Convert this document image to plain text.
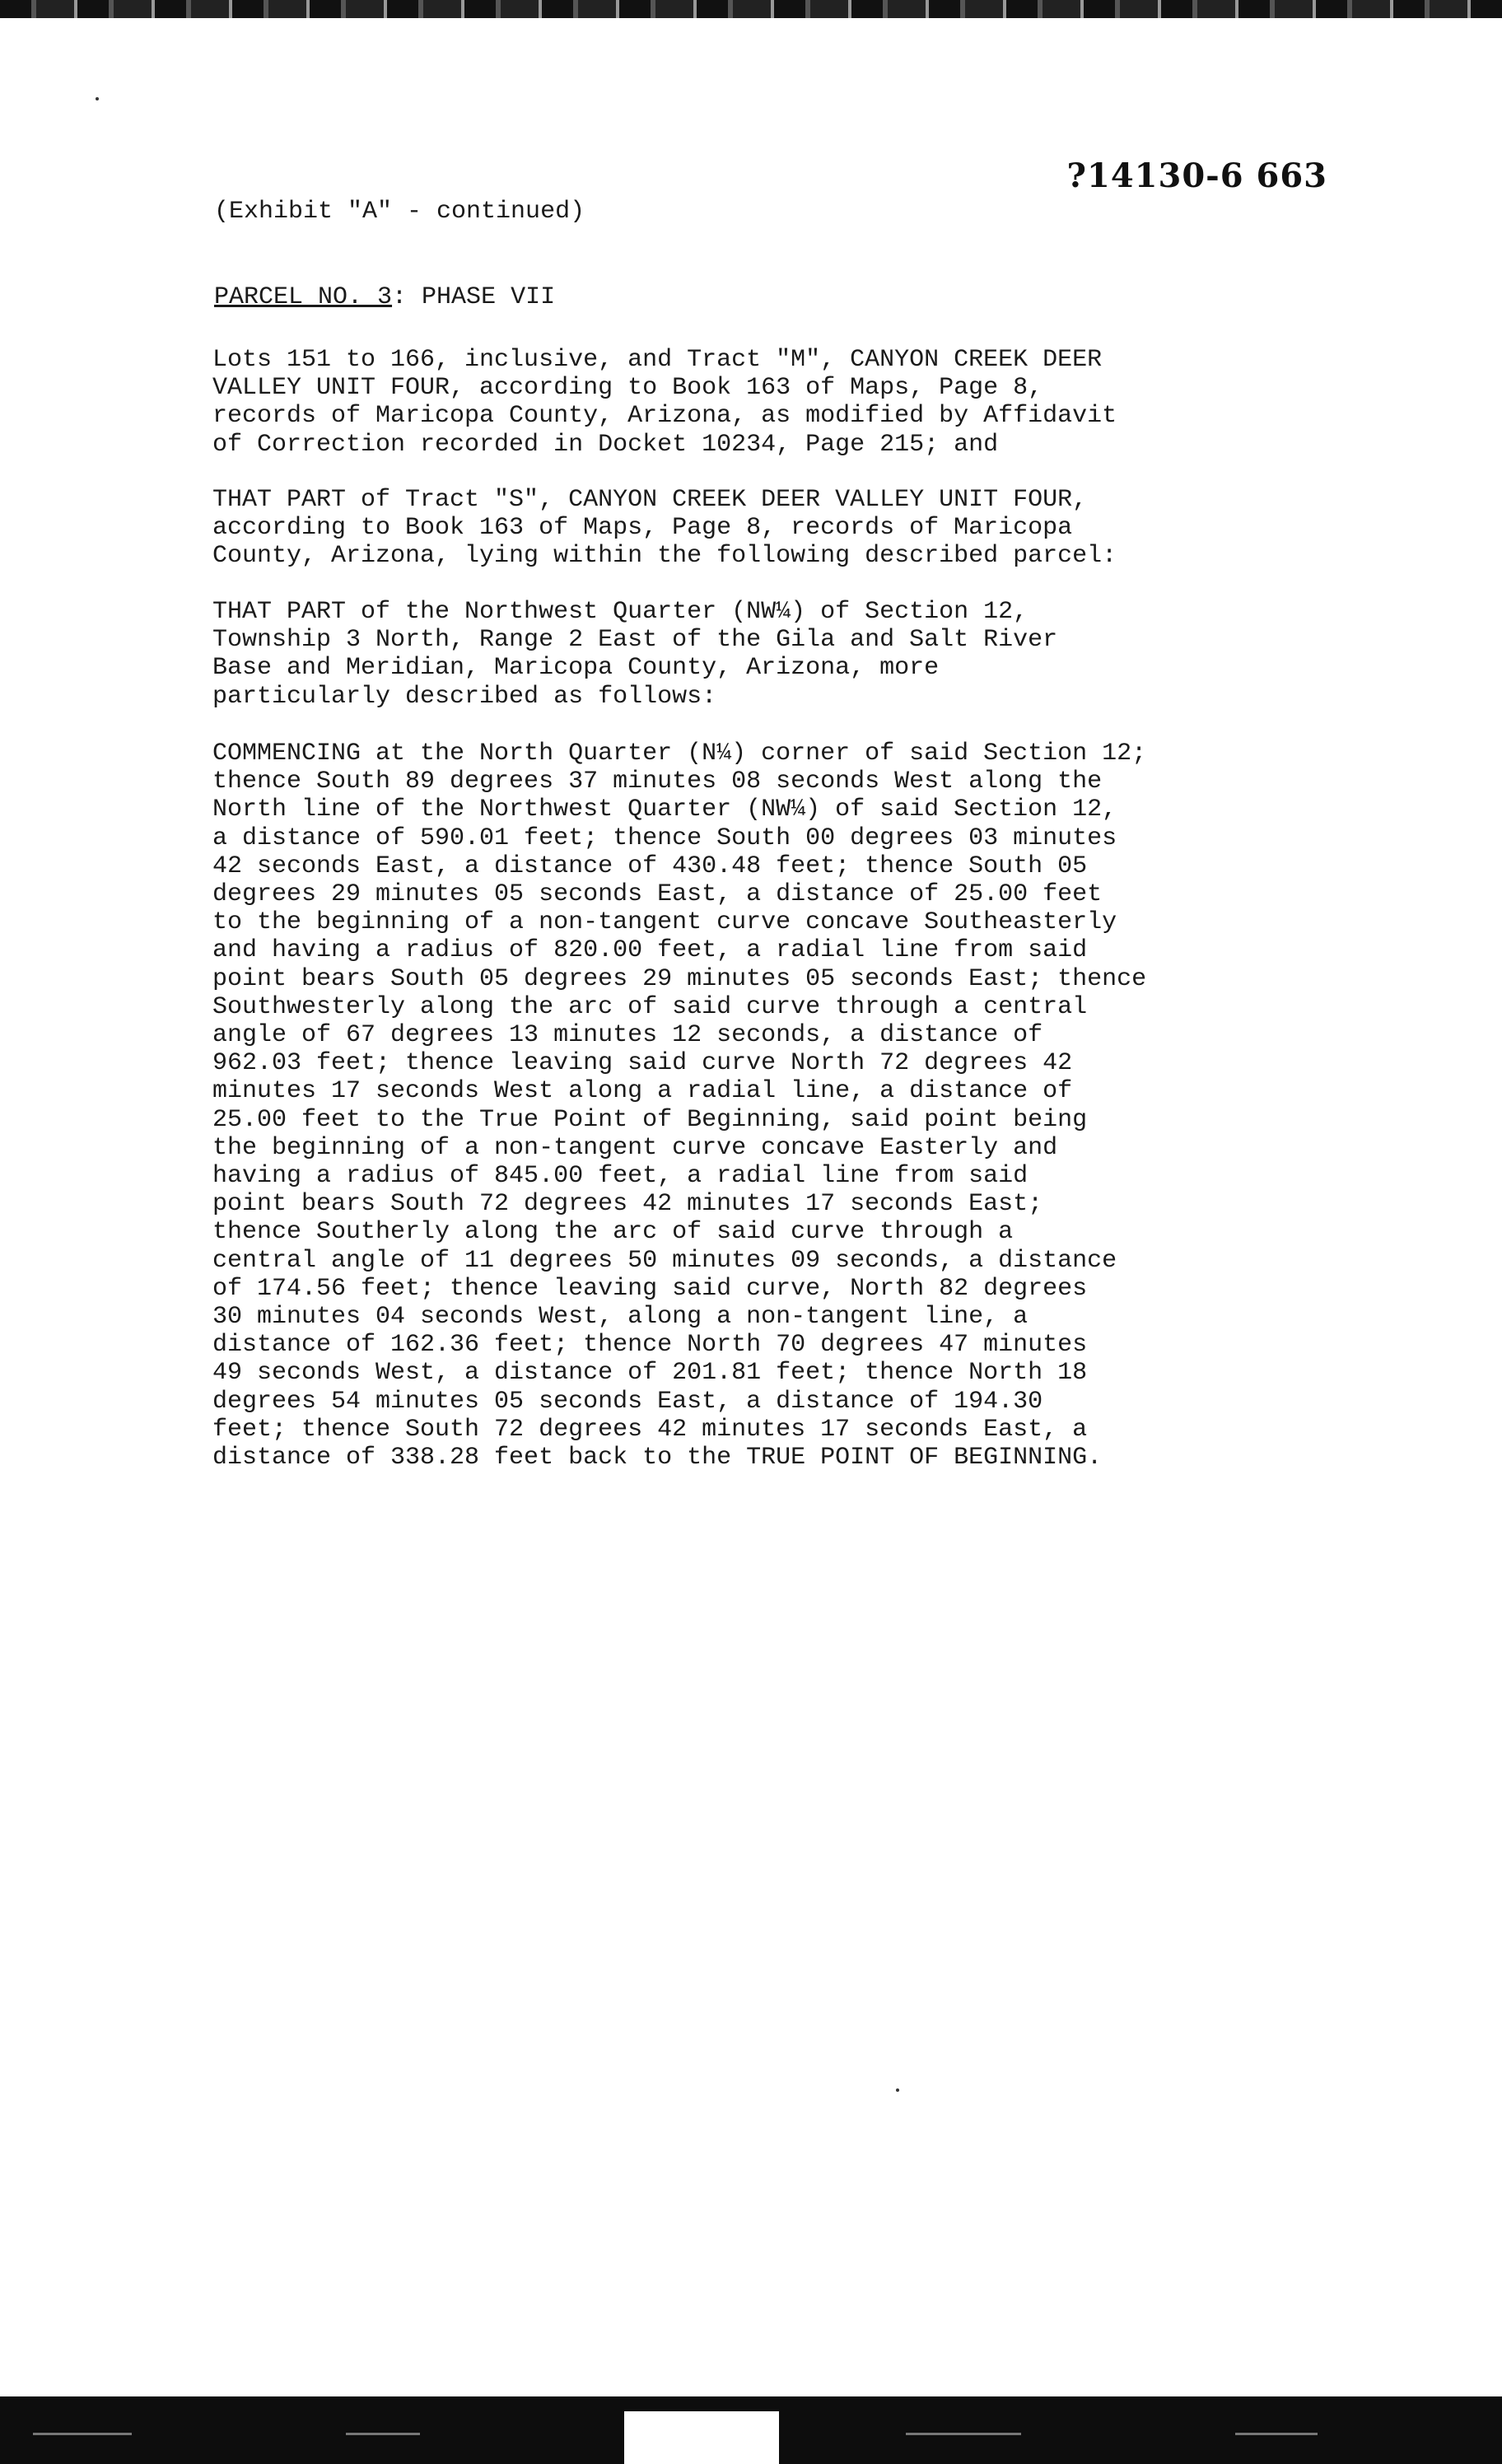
?14130-6 663
(Exhibit "A" - continued)
PARCEL NO. 3: PHASE VII

Lots 151 to 166, inclusive, and Tract "M", CANYON CREEK DEER
VALLEY UNIT FOUR, according to Book 163 of Maps, Page 8,
records of Maricopa County, Arizona, as modified by Affidavit
of Correction recorded in Docket 10234, Page 215; and

THAT PART of Tract "S", CANYON CREEK DEER VALLEY UNIT FOUR,
according to Book 163 of Maps, Page 8, records of Maricopa
County, Arizona, lying within the following described parcel:

THAT PART of the Northwest Quarter (NW¼) of Section 12,
Township 3 North, Range 2 East of the Gila and Salt River
Base and Meridian, Maricopa County, Arizona, more
particularly described as follows:

COMMENCING at the North Quarter (N¼) corner of said Section 12;
thence South 89 degrees 37 minutes 08 seconds West along the
North line of the Northwest Quarter (NW¼) of said Section 12,
a distance of 590.01 feet; thence South 00 degrees 03 minutes
42 seconds East, a distance of 430.48 feet; thence South 05
degrees 29 minutes 05 seconds East, a distance of 25.00 feet
to the beginning of a non-tangent curve concave Southeasterly
and having a radius of 820.00 feet, a radial line from said
point bears South 05 degrees 29 minutes 05 seconds East; thence
Southwesterly along the arc of said curve through a central
angle of 67 degrees 13 minutes 12 seconds, a distance of
962.03 feet; thence leaving said curve North 72 degrees 42
minutes 17 seconds West along a radial line, a distance of
25.00 feet to the True Point of Beginning, said point being
the beginning of a non-tangent curve concave Easterly and
having a radius of 845.00 feet, a radial line from said
point bears South 72 degrees 42 minutes 17 seconds East;
thence Southerly along the arc of said curve through a
central angle of 11 degrees 50 minutes 09 seconds, a distance
of 174.56 feet; thence leaving said curve, North 82 degrees
30 minutes 04 seconds West, along a non-tangent line, a
distance of 162.36 feet; thence North 70 degrees 47 minutes
49 seconds West, a distance of 201.81 feet; thence North 18
degrees 54 minutes 05 seconds East, a distance of 194.30
feet; thence South 72 degrees 42 minutes 17 seconds East, a
distance of 338.28 feet back to the TRUE POINT OF BEGINNING.
